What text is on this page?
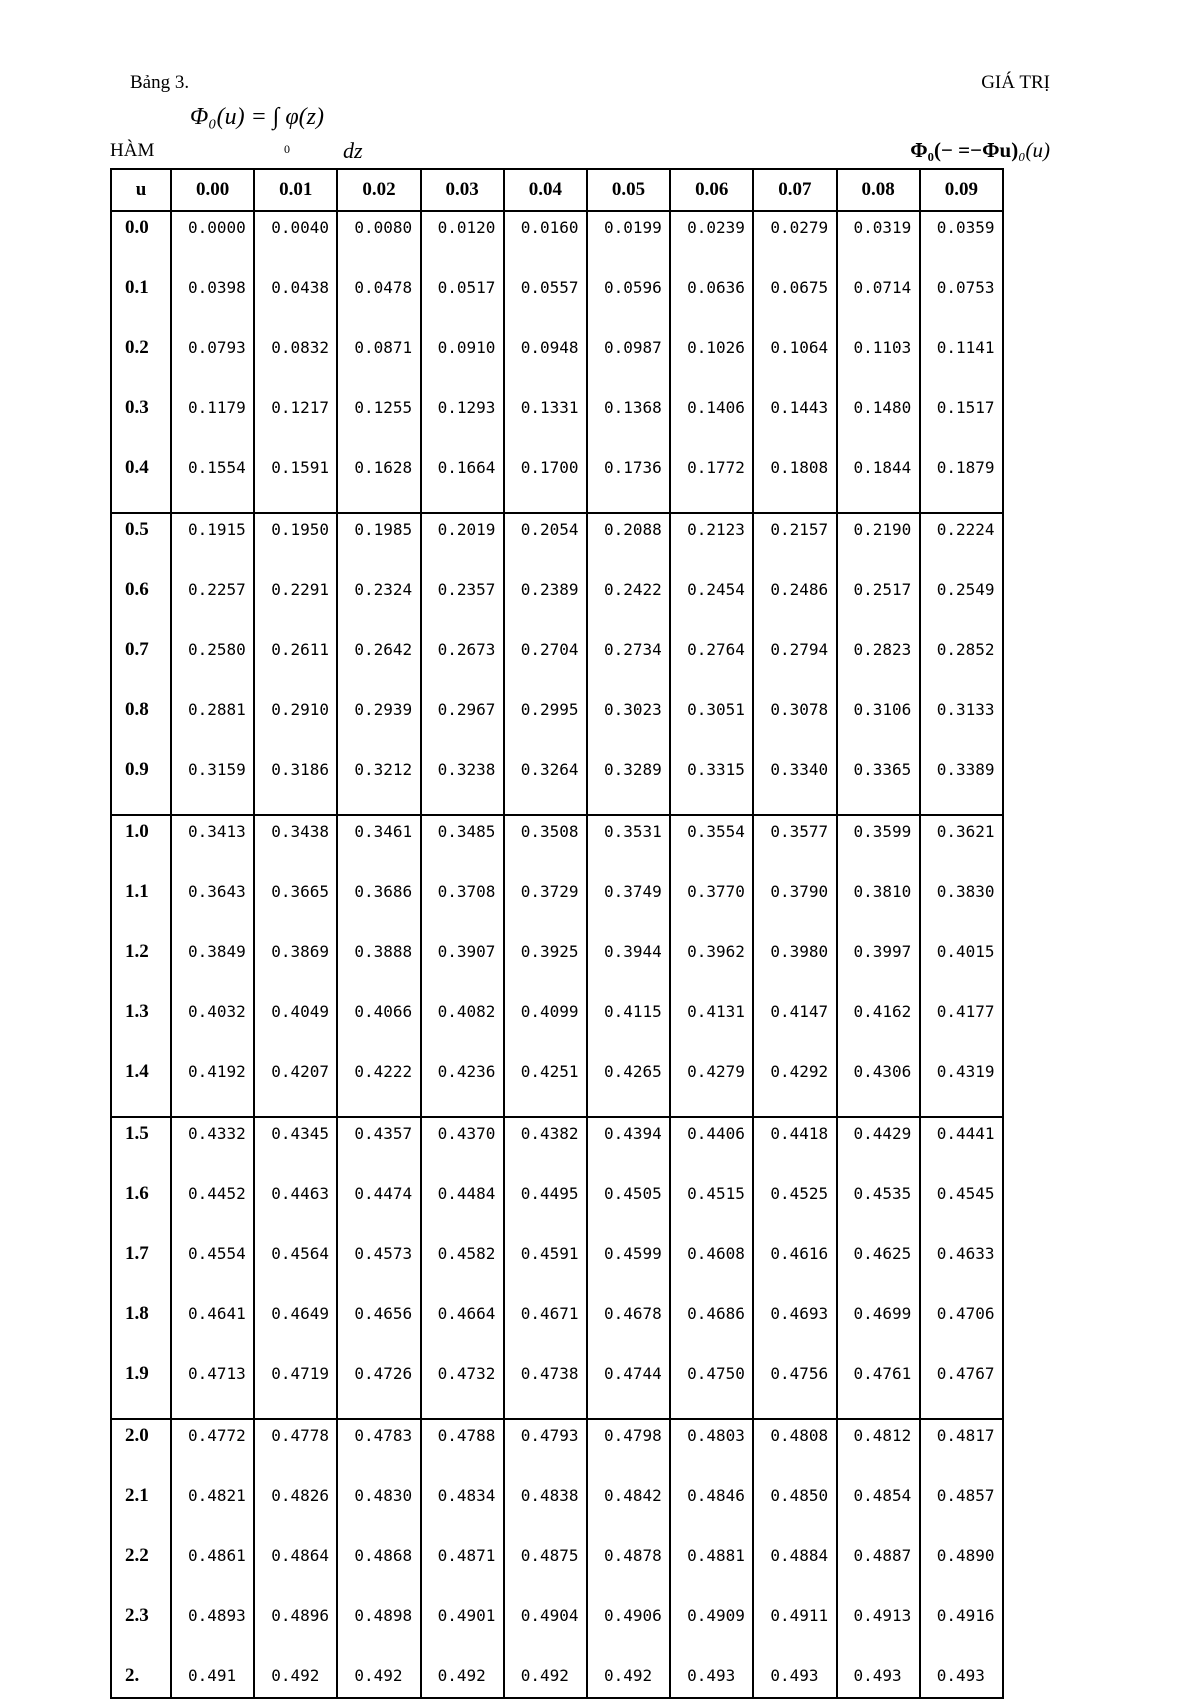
Bảng 3.	GIÁ TRỊ
Φ₀(u) = ∫ φ(z)
0 dz
HÀM	Φ₀(− =−Φu)₀(u)
u	0.00	0.01	0.02	0.03	0.04	0.05	0.06	0.07	0.08	0.09
0.0	0.0000	0.0040	0.0080	0.0120	0.0160	0.0199	0.0239	0.0279	0.0319	0.0359
0.1	0.0398	0.0438	0.0478	0.0517	0.0557	0.0596	0.0636	0.0675	0.0714	0.0753
0.2	0.0793	0.0832	0.0871	0.0910	0.0948	0.0987	0.1026	0.1064	0.1103	0.1141
0.3	0.1179	0.1217	0.1255	0.1293	0.1331	0.1368	0.1406	0.1443	0.1480	0.1517
0.4	0.1554	0.1591	0.1628	0.1664	0.1700	0.1736	0.1772	0.1808	0.1844	0.1879
0.5	0.1915	0.1950	0.1985	0.2019	0.2054	0.2088	0.2123	0.2157	0.2190	0.2224
0.6	0.2257	0.2291	0.2324	0.2357	0.2389	0.2422	0.2454	0.2486	0.2517	0.2549
0.7	0.2580	0.2611	0.2642	0.2673	0.2704	0.2734	0.2764	0.2794	0.2823	0.2852
0.8	0.2881	0.2910	0.2939	0.2967	0.2995	0.3023	0.3051	0.3078	0.3106	0.3133
0.9	0.3159	0.3186	0.3212	0.3238	0.3264	0.3289	0.3315	0.3340	0.3365	0.3389
1.0	0.3413	0.3438	0.3461	0.3485	0.3508	0.3531	0.3554	0.3577	0.3599	0.3621
1.1	0.3643	0.3665	0.3686	0.3708	0.3729	0.3749	0.3770	0.3790	0.3810	0.3830
1.2	0.3849	0.3869	0.3888	0.3907	0.3925	0.3944	0.3962	0.3980	0.3997	0.4015
1.3	0.4032	0.4049	0.4066	0.4082	0.4099	0.4115	0.4131	0.4147	0.4162	0.4177
1.4	0.4192	0.4207	0.4222	0.4236	0.4251	0.4265	0.4279	0.4292	0.4306	0.4319
1.5	0.4332	0.4345	0.4357	0.4370	0.4382	0.4394	0.4406	0.4418	0.4429	0.4441
1.6	0.4452	0.4463	0.4474	0.4484	0.4495	0.4505	0.4515	0.4525	0.4535	0.4545
1.7	0.4554	0.4564	0.4573	0.4582	0.4591	0.4599	0.4608	0.4616	0.4625	0.4633
1.8	0.4641	0.4649	0.4656	0.4664	0.4671	0.4678	0.4686	0.4693	0.4699	0.4706
1.9	0.4713	0.4719	0.4726	0.4732	0.4738	0.4744	0.4750	0.4756	0.4761	0.4767
2.0	0.4772	0.4778	0.4783	0.4788	0.4793	0.4798	0.4803	0.4808	0.4812	0.4817
2.1	0.4821	0.4826	0.4830	0.4834	0.4838	0.4842	0.4846	0.4850	0.4854	0.4857
2.2	0.4861	0.4864	0.4868	0.4871	0.4875	0.4878	0.4881	0.4884	0.4887	0.4890
2.3	0.4893	0.4896	0.4898	0.4901	0.4904	0.4906	0.4909	0.4911	0.4913	0.4916
2.	0.491	0.492	0.492	0.492	0.492	0.492	0.493	0.493	0.493	0.493
